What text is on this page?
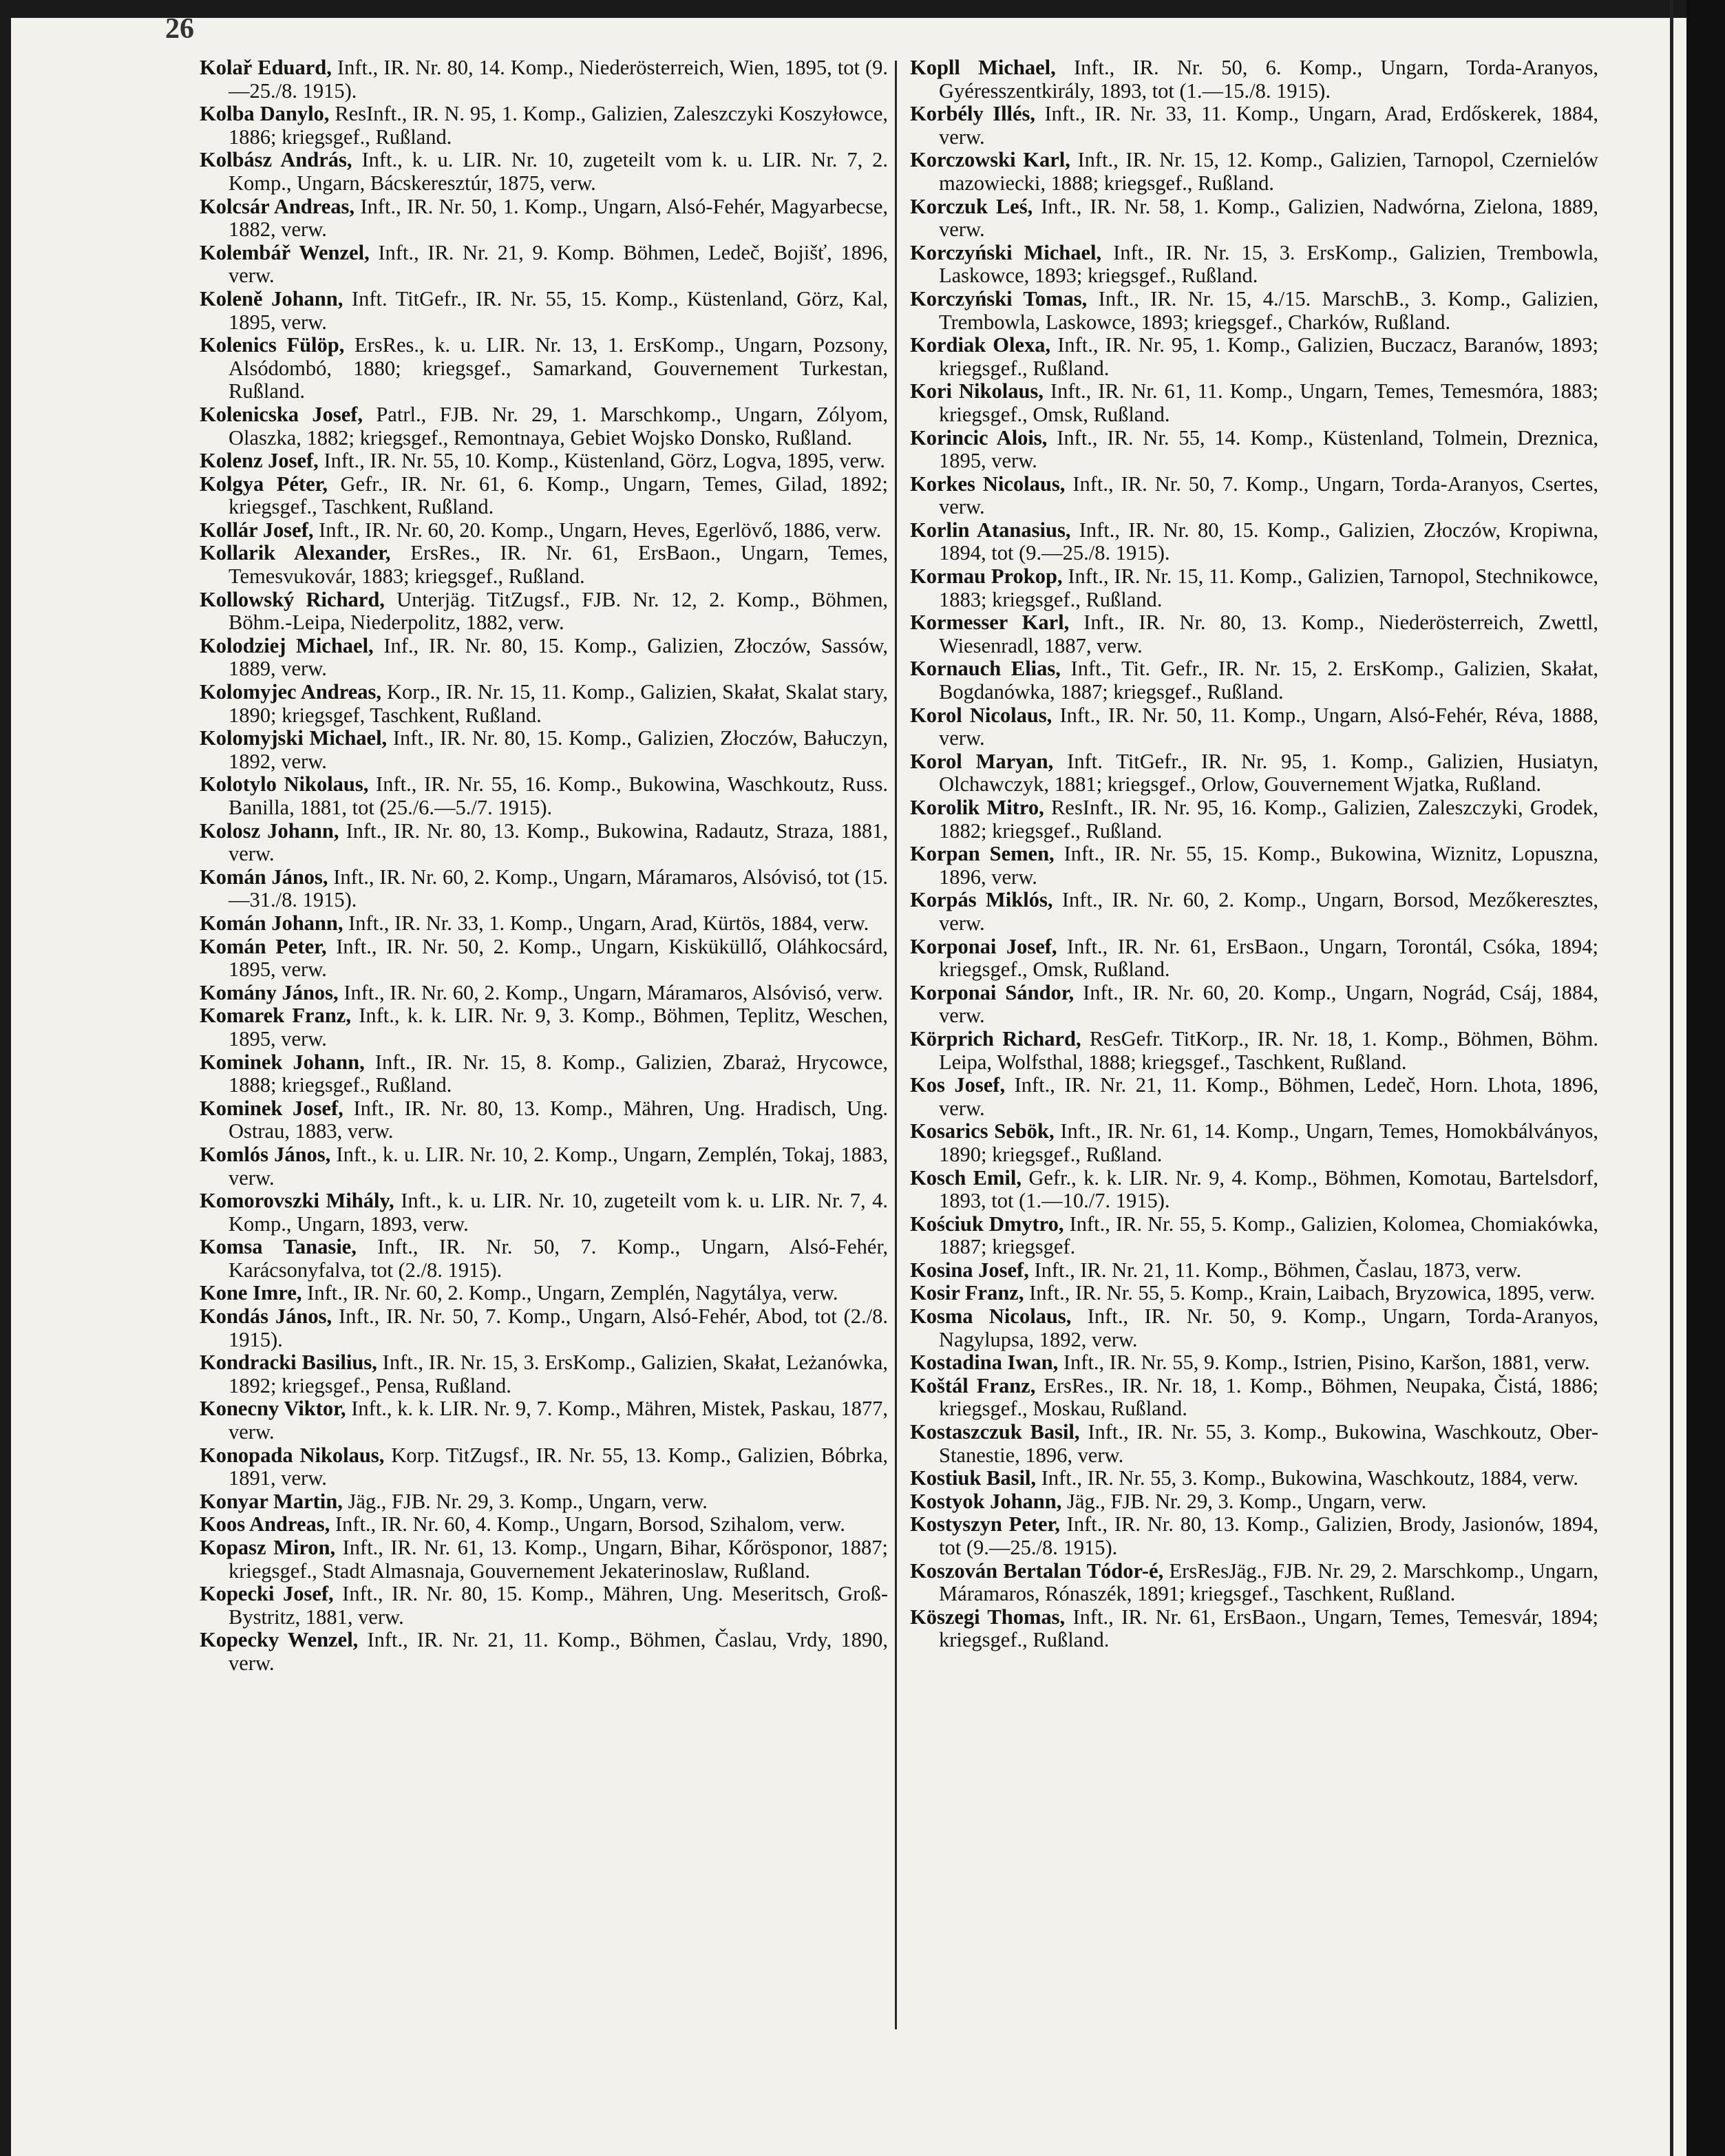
26

Kolař Eduard, Inft., IR. Nr. 80, 14. Komp., Niederösterreich, Wien, 1895, tot (9.—25./8. 1915).

Kolba Danylo, ResInft., IR. N. 95, 1. Komp., Galizien, Zaleszczyki Koszyłowce, 1886; kriegsgef., Rußland.

Kolbász András, Inft., k. u. LIR. Nr. 10, zugeteilt vom k. u. LIR. Nr. 7, 2. Komp., Ungarn, Bácskeresztúr, 1875, verw.

Kolcsár Andreas, Inft., IR. Nr. 50, 1. Komp., Ungarn, Alsó-Fehér, Magyarbecse, 1882, verw.

Kolembář Wenzel, Inft., IR. Nr. 21, 9. Komp. Böhmen, Ledeč, Bojišť, 1896, verw.

Koleně Johann, Inft. TitGefr., IR. Nr. 55, 15. Komp., Küstenland, Görz, Kal, 1895, verw.

Kolenics Fülöp, ErsRes., k. u. LIR. Nr. 13, 1. ErsKomp., Ungarn, Pozsony, Alsódombó, 1880; kriegsgef., Samarkand, Gouvernement Turkestan, Rußland.

Kolenicska Josef, Patrl., FJB. Nr. 29, 1. Marschkomp., Ungarn, Zólyom, Olaszka, 1882; kriegsgef., Remontnaya, Gebiet Wojsko Donsko, Rußland.

Kolenz Josef, Inft., IR. Nr. 55, 10. Komp., Küstenland, Görz, Logva, 1895, verw.

Kolgya Péter, Gefr., IR. Nr. 61, 6. Komp., Ungarn, Temes, Gilad, 1892; kriegsgef., Taschkent, Rußland.

Kollár Josef, Inft., IR. Nr. 60, 20. Komp., Ungarn, Heves, Egerlövő, 1886, verw.

Kollarik Alexander, ErsRes., IR. Nr. 61, ErsBaon., Ungarn, Temes, Temesvukovár, 1883; kriegsgef., Rußland.

Kollowský Richard, Unterjäg. TitZugsf., FJB. Nr. 12, 2. Komp., Böhmen, Böhm.-Leipa, Niederpolitz, 1882, verw.

Kolodziej Michael, Inf., IR. Nr. 80, 15. Komp., Galizien, Złoczów, Sassów, 1889, verw.

Kolomyjec Andreas, Korp., IR. Nr. 15, 11. Komp., Galizien, Skałat, Skalat stary, 1890; kriegsgef, Taschkent, Rußland.

Kolomyjski Michael, Inft., IR. Nr. 80, 15. Komp., Galizien, Złoczów, Bałuczyn, 1892, verw.

Kolotylo Nikolaus, Inft., IR. Nr. 55, 16. Komp., Bukowina, Waschkoutz, Russ. Banilla, 1881, tot (25./6.—5./7. 1915).

Kolosz Johann, Inft., IR. Nr. 80, 13. Komp., Bukowina, Radautz, Straza, 1881, verw.

Komán János, Inft., IR. Nr. 60, 2. Komp., Ungarn, Máramaros, Alsóvisó, tot (15.—31./8. 1915).

Komán Johann, Inft., IR. Nr. 33, 1. Komp., Ungarn, Arad, Kürtös, 1884, verw.

Komán Peter, Inft., IR. Nr. 50, 2. Komp., Ungarn, Kisküküllő, Oláhkocsárd, 1895, verw.

Komány János, Inft., IR. Nr. 60, 2. Komp., Ungarn, Máramaros, Alsóvisó, verw.

Komarek Franz, Inft., k. k. LIR. Nr. 9, 3. Komp., Böhmen, Teplitz, Weschen, 1895, verw.

Kominek Johann, Inft., IR. Nr. 15, 8. Komp., Galizien, Zbaraż, Hrycowce, 1888; kriegsgef., Rußland.

Kominek Josef, Inft., IR. Nr. 80, 13. Komp., Mähren, Ung. Hradisch, Ung. Ostrau, 1883, verw.

Komlós János, Inft., k. u. LIR. Nr. 10, 2. Komp., Ungarn, Zemplén, Tokaj, 1883, verw.

Komorovszki Mihály, Inft., k. u. LIR. Nr. 10, zugeteilt vom k. u. LIR. Nr. 7, 4. Komp., Ungarn, 1893, verw.

Komsa Tanasie, Inft., IR. Nr. 50, 7. Komp., Ungarn, Alsó-Fehér, Karácsonyfalva, tot (2./8. 1915).

Kone Imre, Inft., IR. Nr. 60, 2. Komp., Ungarn, Zemplén, Nagytálya, verw.

Kondás János, Inft., IR. Nr. 50, 7. Komp., Ungarn, Alsó-Fehér, Abod, tot (2./8. 1915).

Kondracki Basilius, Inft., IR. Nr. 15, 3. ErsKomp., Galizien, Skałat, Leżanówka, 1892; kriegsgef., Pensa, Rußland.

Konecny Viktor, Inft., k. k. LIR. Nr. 9, 7. Komp., Mähren, Mistek, Paskau, 1877, verw.

Konopada Nikolaus, Korp. TitZugsf., IR. Nr. 55, 13. Komp., Galizien, Bóbrka, 1891, verw.

Konyar Martin, Jäg., FJB. Nr. 29, 3. Komp., Ungarn, verw.

Koos Andreas, Inft., IR. Nr. 60, 4. Komp., Ungarn, Borsod, Szihalom, verw.

Kopasz Miron, Inft., IR. Nr. 61, 13. Komp., Ungarn, Bihar, Kőrösponor, 1887; kriegsgef., Stadt Almasnaja, Gouvernement Jekaterinoslaw, Rußland.

Kopecki Josef, Inft., IR. Nr. 80, 15. Komp., Mähren, Ung. Meseritsch, Groß-Bystritz, 1881, verw.

Kopecky Wenzel, Inft., IR. Nr. 21, 11. Komp., Böhmen, Časlau, Vrdy, 1890, verw.

Kopll Michael, Inft., IR. Nr. 50, 6. Komp., Ungarn, Torda-Aranyos, Gyéresszentkirály, 1893, tot (1.—15./8. 1915).

Korbély Illés, Inft., IR. Nr. 33, 11. Komp., Ungarn, Arad, Erdőskerek, 1884, verw.

Korczowski Karl, Inft., IR. Nr. 15, 12. Komp., Galizien, Tarnopol, Czernielów mazowiecki, 1888; kriegsgef., Rußland.

Korczuk Leś, Inft., IR. Nr. 58, 1. Komp., Galizien, Nadwórna, Zielona, 1889, verw.

Korczyński Michael, Inft., IR. Nr. 15, 3. ErsKomp., Galizien, Trembowla, Laskowce, 1893; kriegsgef., Rußland.

Korczyński Tomas, Inft., IR. Nr. 15, 4./15. MarschB., 3. Komp., Galizien, Trembowla, Laskowce, 1893; kriegsgef., Charków, Rußland.

Kordiak Olexa, Inft., IR. Nr. 95, 1. Komp., Galizien, Buczacz, Baranów, 1893; kriegsgef., Rußland.

Kori Nikolaus, Inft., IR. Nr. 61, 11. Komp., Ungarn, Temes, Temesmóra, 1883; kriegsgef., Omsk, Rußland.

Korincic Alois, Inft., IR. Nr. 55, 14. Komp., Küstenland, Tolmein, Dreznica, 1895, verw.

Korkes Nicolaus, Inft., IR. Nr. 50, 7. Komp., Ungarn, Torda-Aranyos, Csertes, verw.

Korlin Atanasius, Inft., IR. Nr. 80, 15. Komp., Galizien, Złoczów, Kropiwna, 1894, tot (9.—25./8. 1915).

Kormau Prokop, Inft., IR. Nr. 15, 11. Komp., Galizien, Tarnopol, Stechnikowce, 1883; kriegsgef., Rußland.

Kormesser Karl, Inft., IR. Nr. 80, 13. Komp., Niederösterreich, Zwettl, Wiesenradl, 1887, verw.

Kornauch Elias, Inft., Tit. Gefr., IR. Nr. 15, 2. ErsKomp., Galizien, Skałat, Bogdanówka, 1887; kriegsgef., Rußland.

Korol Nicolaus, Inft., IR. Nr. 50, 11. Komp., Ungarn, Alsó-Fehér, Réva, 1888, verw.

Korol Maryan, Inft. TitGefr., IR. Nr. 95, 1. Komp., Galizien, Husiatyn, Olchawczyk, 1881; kriegsgef., Orlow, Gouvernement Wjatka, Rußland.

Korolik Mitro, ResInft., IR. Nr. 95, 16. Komp., Galizien, Zaleszczyki, Grodek, 1882; kriegsgef., Rußland.

Korpan Semen, Inft., IR. Nr. 55, 15. Komp., Bukowina, Wiznitz, Lopuszna, 1896, verw.

Korpás Miklós, Inft., IR. Nr. 60, 2. Komp., Ungarn, Borsod, Mezőkeresztes, verw.

Korponai Josef, Inft., IR. Nr. 61, ErsBaon., Ungarn, Torontál, Csóka, 1894; kriegsgef., Omsk, Rußland.

Korponai Sándor, Inft., IR. Nr. 60, 20. Komp., Ungarn, Nográd, Csáj, 1884, verw.

Körprich Richard, ResGefr. TitKorp., IR. Nr. 18, 1. Komp., Böhmen, Böhm. Leipa, Wolfsthal, 1888; kriegsgef., Taschkent, Rußland.

Kos Josef, Inft., IR. Nr. 21, 11. Komp., Böhmen, Ledeč, Horn. Lhota, 1896, verw.

Kosarics Sebök, Inft., IR. Nr. 61, 14. Komp., Ungarn, Temes, Homokbálványos, 1890; kriegsgef., Rußland.

Kosch Emil, Gefr., k. k. LIR. Nr. 9, 4. Komp., Böhmen, Komotau, Bartelsdorf, 1893, tot (1.—10./7. 1915).

Kościuk Dmytro, Inft., IR. Nr. 55, 5. Komp., Galizien, Kolomea, Chomiakówka, 1887; kriegsgef.

Kosina Josef, Inft., IR. Nr. 21, 11. Komp., Böhmen, Časlau, 1873, verw.

Kosir Franz, Inft., IR. Nr. 55, 5. Komp., Krain, Laibach, Bryzowica, 1895, verw.

Kosma Nicolaus, Inft., IR. Nr. 50, 9. Komp., Ungarn, Torda-Aranyos, Nagylupsa, 1892, verw.

Kostadina Iwan, Inft., IR. Nr. 55, 9. Komp., Istrien, Pisino, Karšon, 1881, verw.

Koštál Franz, ErsRes., IR. Nr. 18, 1. Komp., Böhmen, Neupaka, Čistá, 1886; kriegsgef., Moskau, Rußland.

Kostaszczuk Basil, Inft., IR. Nr. 55, 3. Komp., Bukowina, Waschkoutz, Ober-Stanestie, 1896, verw.

Kostiuk Basil, Inft., IR. Nr. 55, 3. Komp., Bukowina, Waschkoutz, 1884, verw.

Kostyok Johann, Jäg., FJB. Nr. 29, 3. Komp., Ungarn, verw.

Kostyszyn Peter, Inft., IR. Nr. 80, 13. Komp., Galizien, Brody, Jasionów, 1894, tot (9.—25./8. 1915).

Koszován Bertalan Tódor-é, ErsResJäg., FJB. Nr. 29, 2. Marschkomp., Ungarn, Máramaros, Rónaszék, 1891; kriegsgef., Taschkent, Rußland.

Köszegi Thomas, Inft., IR. Nr. 61, ErsBaon., Ungarn, Temes, Temesvár, 1894; kriegsgef., Rußland.
